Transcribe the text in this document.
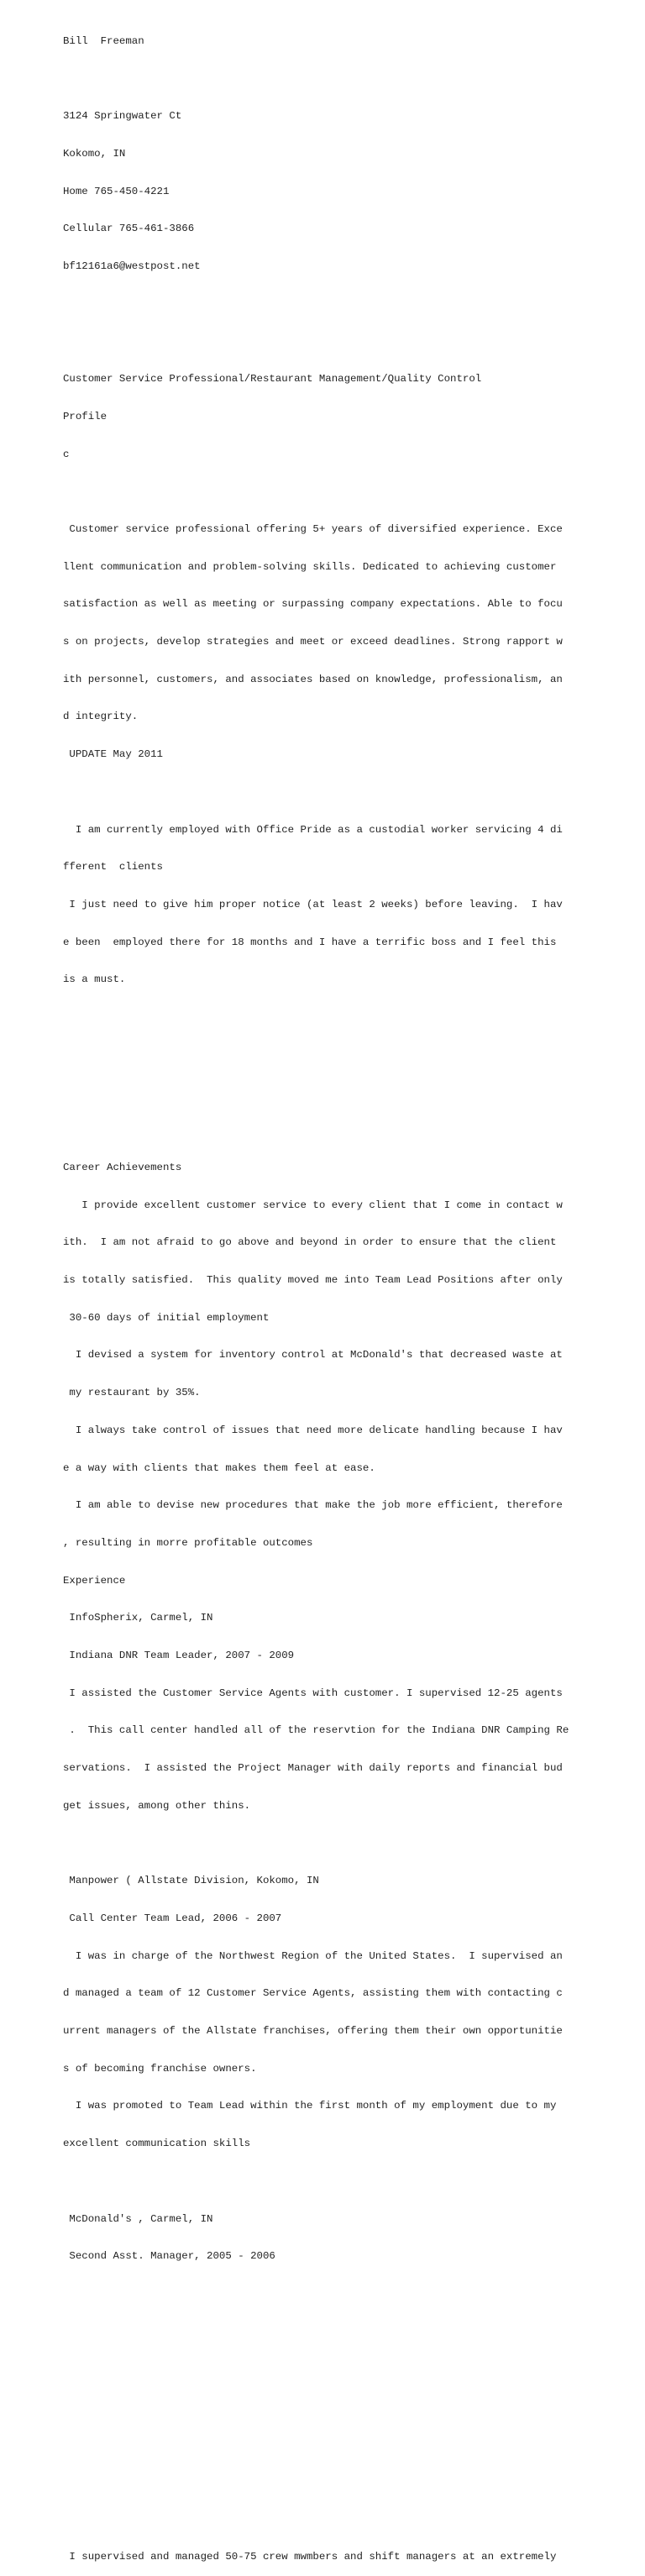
Bill  Freeman

3124 Springwater Ct

Kokomo, IN

Home 765-450-4221

Cellular 765-461-3866

bf12161a6@westpost.net

Customer Service Professional/Restaurant Management/Quality Control

Profile

c

Customer service professional offering 5+ years of diversified experience. Exce

llent communication and problem-solving skills. Dedicated to achieving customer

satisfaction as well as meeting or surpassing company expectations. Able to focu

s on projects, develop strategies and meet or exceed deadlines. Strong rapport w

ith personnel, customers, and associates based on knowledge, professionalism, an

d integrity.

UPDATE May 2011

I am currently employed with Office Pride as a custodial worker servicing 4 di

fferent  clients

I just need to give him proper notice (at least 2 weeks) before leaving.  I hav

e been  employed there for 18 months and I have a terrific boss and I feel this

is a must.

Career Achievements

I provide excellent customer service to every client that I come in contact w

ith.  I am not afraid to go above and beyond in order to ensure that the client

is totally satisfied.  This quality moved me into Team Lead Positions after only

30-60 days of initial employment

I devised a system for inventory control at McDonald's that decreased waste at

my restaurant by 35%.

I always take control of issues that need more delicate handling because I hav

e a way with clients that makes them feel at ease.

I am able to devise new procedures that make the job more efficient, therefore

, resulting in morre profitable outcomes

Experience

InfoSpherix, Carmel, IN

Indiana DNR Team Leader, 2007 - 2009

I assisted the Customer Service Agents with customer. I supervised 12-25 agents

.  This call center handled all of the reservtion for the Indiana DNR Camping Re

servations.  I assisted the Project Manager with daily reports and financial bud

get issues, among other thins.

Manpower ( Allstate Division, Kokomo, IN

Call Center Team Lead, 2006 - 2007

I was in charge of the Northwest Region of the United States.  I supervised an

d managed a team of 12 Customer Service Agents, assisting them with contacting c

urrent managers of the Allstate franchises, offering them their own opportunitie

s of becoming franchise owners.

I was promoted to Team Lead within the first month of my employment due to my

excellent communication skills

McDonald's , Carmel, IN

Second Asst. Manager, 2005 - 2006

I supervised and managed 50-75 crew mwmbers and shift managers at an extremely
